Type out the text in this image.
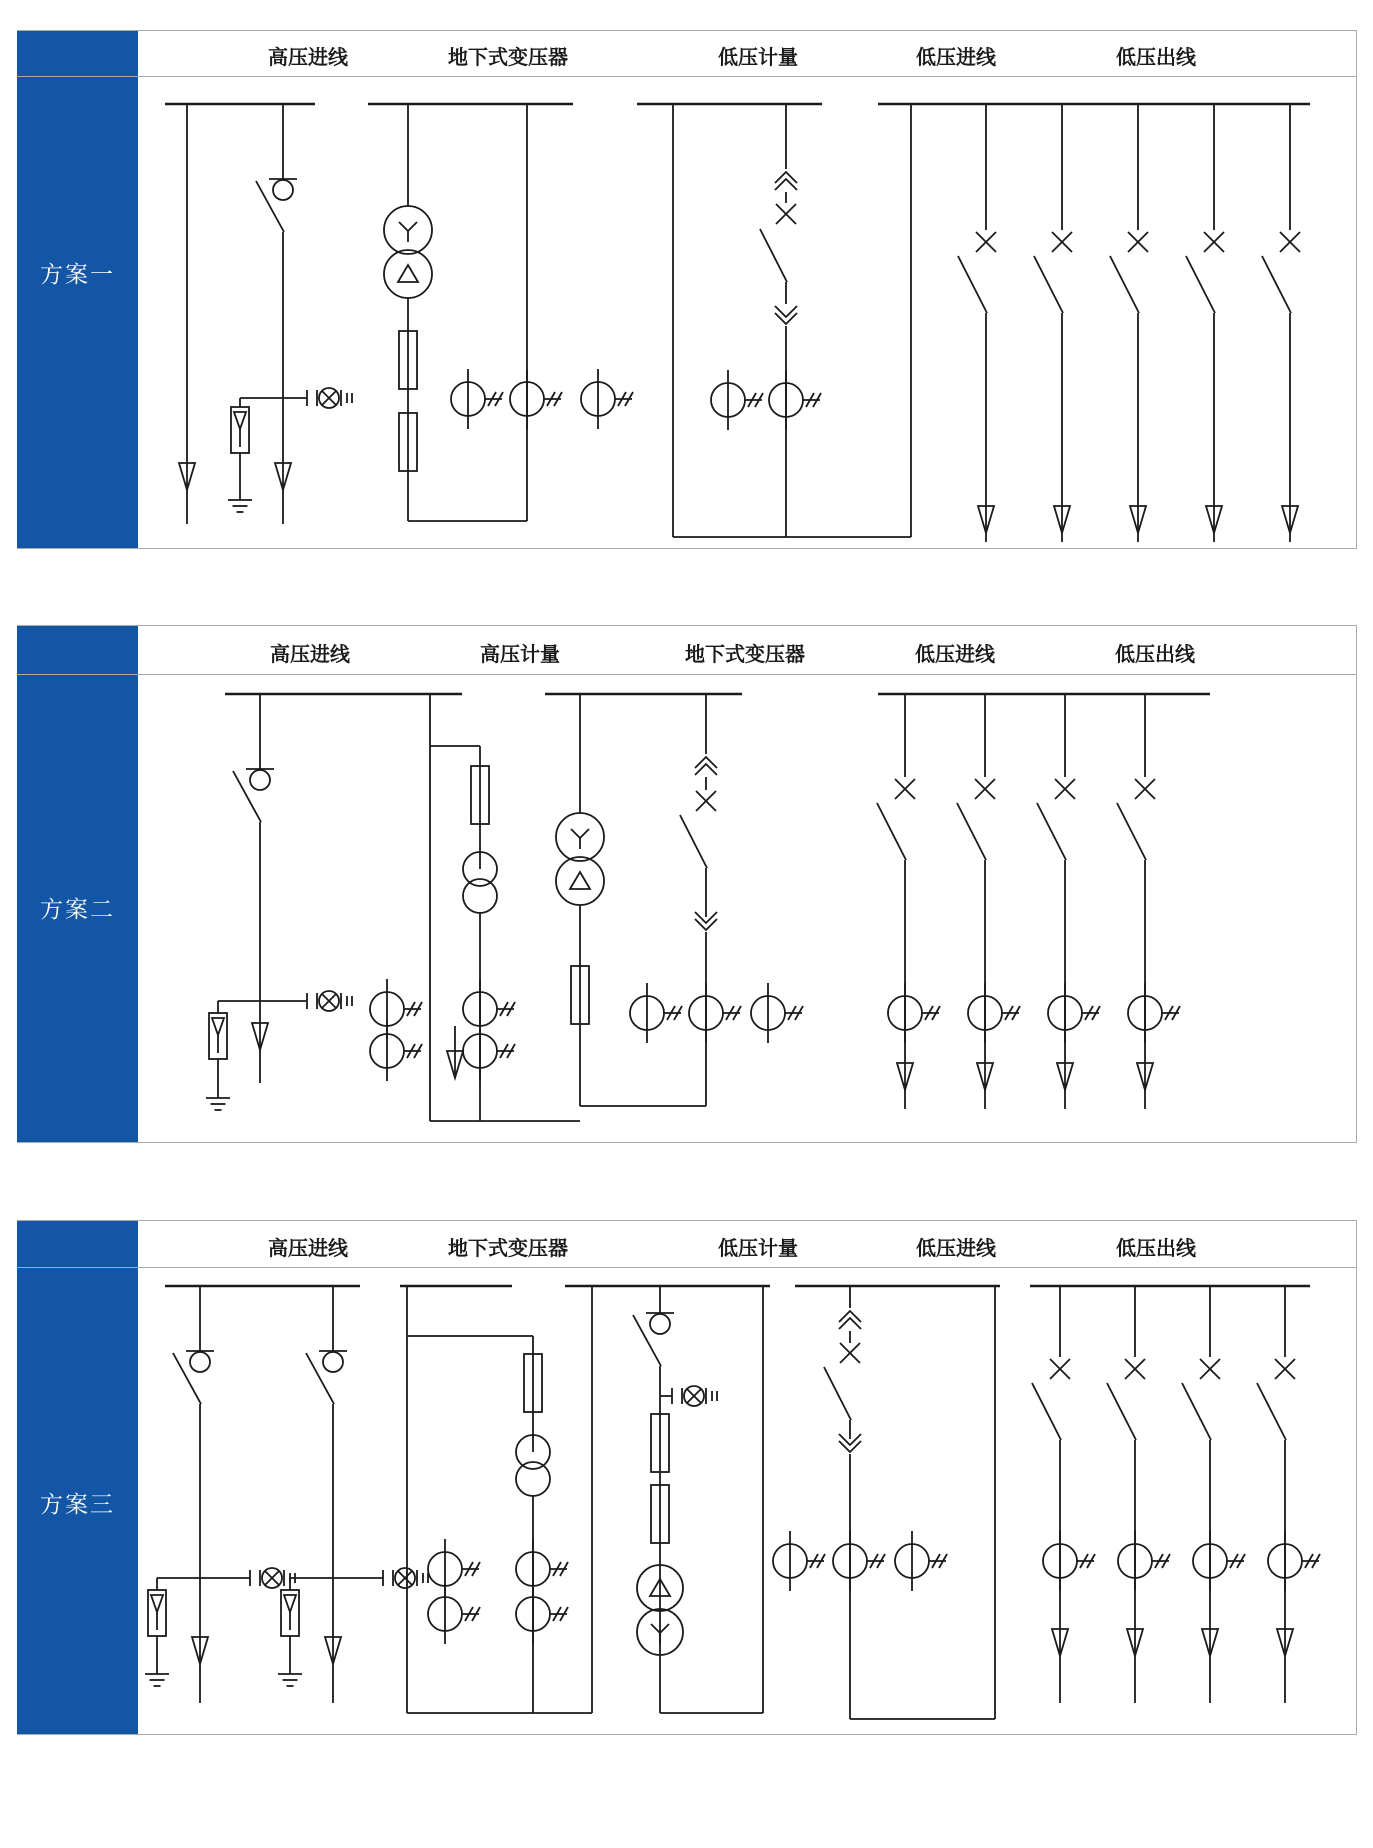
方案一
高压进线	地下式变压器	低压计量	低压进线	低压出线
方案二
高压进线	高压计量	地下式变压器	低压进线	低压出线
方案三
高压进线	地下式变压器	低压计量	低压进线	低压出线
